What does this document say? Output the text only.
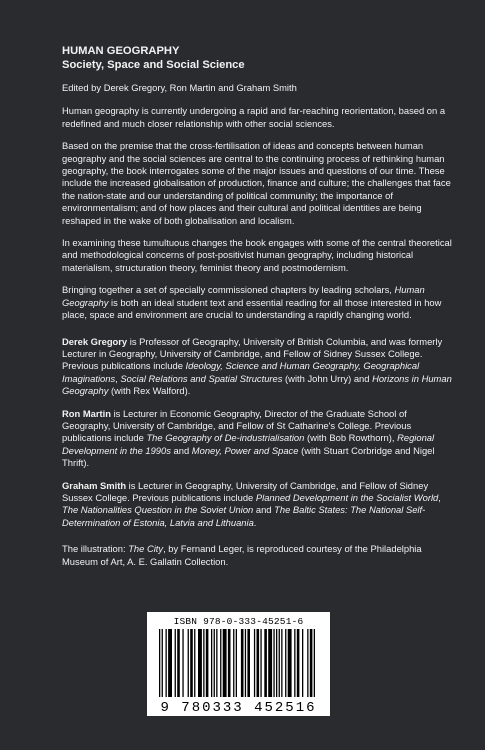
HUMAN GEOGRAPHY
Society, Space and Social Science
Edited by Derek Gregory, Ron Martin and Graham Smith

Human geography is currently undergoing a rapid and far-reaching reorientation, based on a redefined and much closer relationship with other social sciences.

Based on the premise that the cross-fertilisation of ideas and concepts between human geography and the social sciences are central to the continuing process of rethinking human geography, the book interrogates some of the major issues and questions of our time. These include the increased globalisation of production, finance and culture; the challenges that face the nation-state and our understanding of political community; the importance of environmentalism; and of how places and their cultural and political identities are being reshaped in the wake of both globalisation and localism.

In examining these tumultuous changes the book engages with some of the central theoretical and methodological concerns of post-positivist human geography, including historical materialism, structuration theory, feminist theory and postmodernism.

Bringing together a set of specially commissioned chapters by leading scholars, Human Geography is both an ideal student text and essential reading for all those interested in how place, space and environment are crucial to understanding a rapidly changing world.

Derek Gregory is Professor of Geography, University of British Columbia, and was formerly Lecturer in Geography, University of Cambridge, and Fellow of Sidney Sussex College. Previous publications include Ideology, Science and Human Geography, Geographical Imaginations, Social Relations and Spatial Structures (with John Urry) and Horizons in Human Geography (with Rex Walford).

Ron Martin is Lecturer in Economic Geography, Director of the Graduate School of Geography, University of Cambridge, and Fellow of St Catharine's College. Previous publications include The Geography of De-industrialisation (with Bob Rowthorn), Regional Development in the 1990s and Money, Power and Space (with Stuart Corbridge and Nigel Thrift).

Graham Smith is Lecturer in Geography, University of Cambridge, and Fellow of Sidney Sussex College. Previous publications include Planned Development in the Socialist World, The Nationalities Question in the Soviet Union and The Baltic States: The National Self-Determination of Estonia, Latvia and Lithuania.

The illustration: The City, by Fernand Leger, is reproduced courtesy of the Philadelphia Museum of Art, A. E. Gallatin Collection.

ISBN 978-0-333-45251-6
9 780333 452516
